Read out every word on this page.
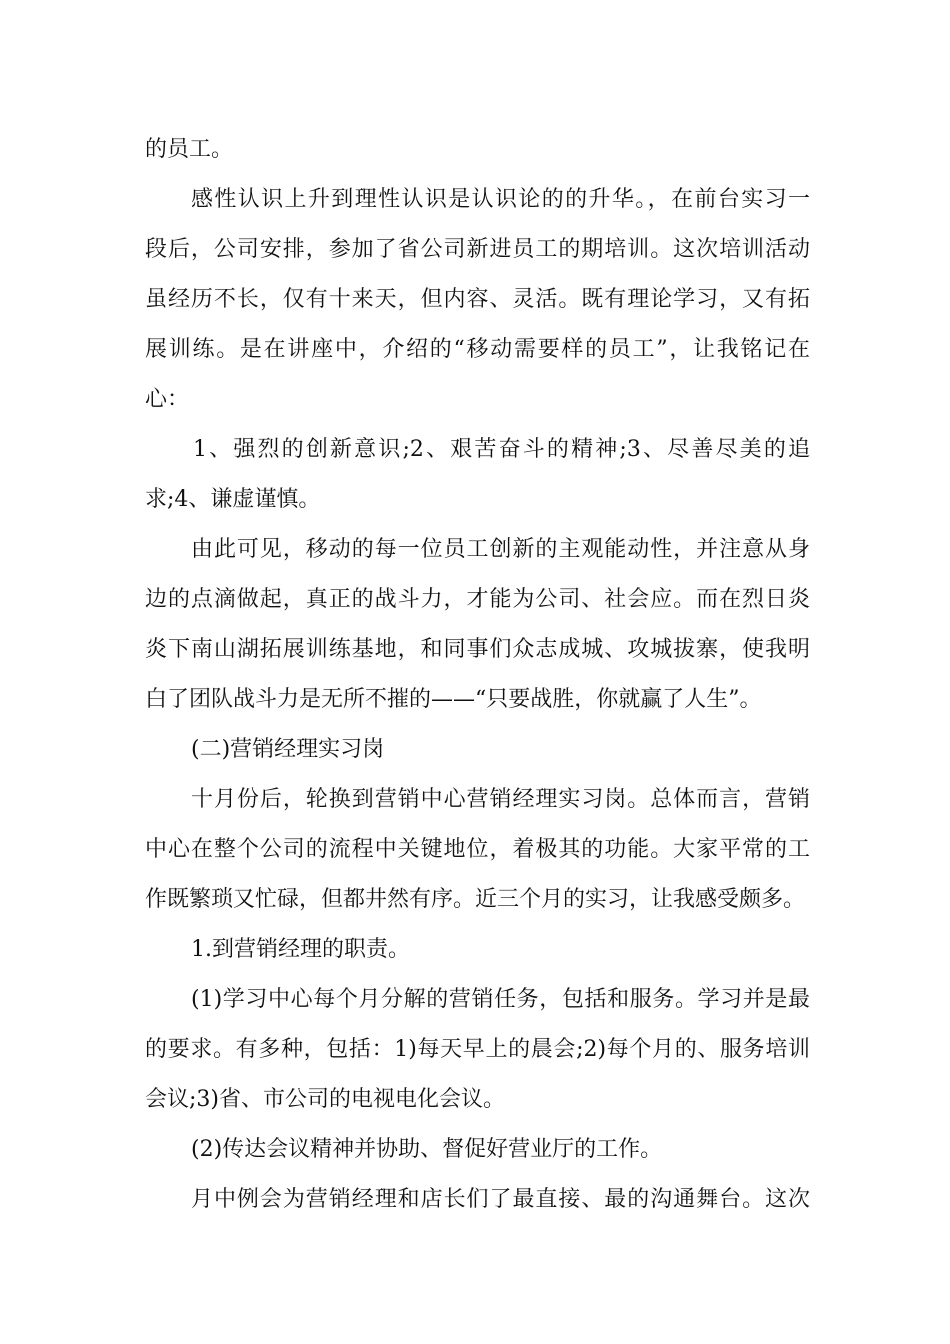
的员工。
感性认识上升到理性认识是认识论的的升华。，在前台实习一
段后，公司安排，参加了省公司新进员工的期培训。这次培训活动
虽经历不长，仅有十来天，但内容、灵活。既有理论学习，又有拓
展训练。是在讲座中，介绍的“移动需要样的员工”，让我铭记在
心：
1、强烈的创新意识;2、艰苦奋斗的精神;3、尽善尽美的追
求;4、谦虚谨慎。
由此可见，移动的每一位员工创新的主观能动性，并注意从身
边的点滴做起，真正的战斗力，才能为公司、社会应。而在烈日炎
炎下南山湖拓展训练基地，和同事们众志成城、攻城拔寨，使我明
白了团队战斗力是无所不摧的——“只要战胜，你就赢了人生”。
(二)营销经理实习岗
十月份后，轮换到营销中心营销经理实习岗。总体而言，营销
中心在整个公司的流程中关键地位，着极其的功能。大家平常的工
作既繁琐又忙碌，但都井然有序。近三个月的实习，让我感受颇多。
1.到营销经理的职责。
(1)学习中心每个月分解的营销任务，包括和服务。学习并是最
的要求。有多种，包括：1)每天早上的晨会;2)每个月的、服务培训
会议;3)省、市公司的电视电化会议。
(2)传达会议精神并协助、督促好营业厅的工作。
月中例会为营销经理和店长们了最直接、最的沟通舞台。这次
